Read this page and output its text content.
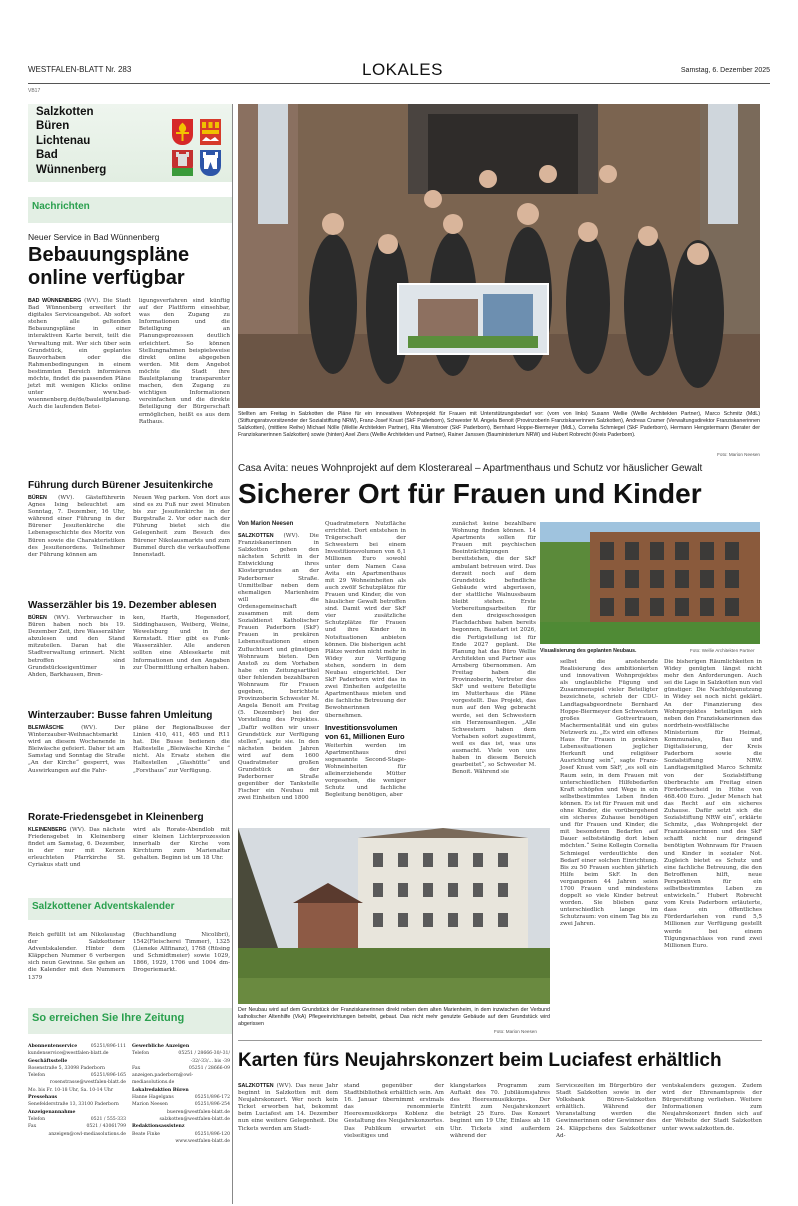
WESTFALEN-BLATT Nr. 283	LOKALES	Samstag, 6. Dezember 2025
VB17
Salzkotten
Büren
Lichtenau
Bad
Wünnenberg
Nachrichten
Neuer Service in Bad Wünnenberg
Bebauungspläne
online verfügbar
BAD WÜNNENBERG (WV). Die Stadt Bad Wünnenberg erweitert ihr digitales Serviceangebot. Ab sofort stehen alle geltenden Bebauungspläne in einer interaktiven Karte bereit, teilt die Verwaltung mit. Wer sich über sein Grundstück, ein geplantes Bauvorhaben oder die Rahmenbedingungen in einem bestimmten Bereich informieren möchte, findet die passenden Pläne jetzt mit wenigen Klicks online unter www.bad-wuennenberg.de/de/bauleitplanung. Auch die laufenden Betei-
ligungsverfahren sind künftig auf der Plattform einsehbar, was den Zugang zu Informationen und die Beteiligung an Planungsprozessen deutlich erleichtert. So können Stellungnahmen beispielsweise direkt online abgegeben werden. Mit dem Angebot möchte die Stadt ihre Bauleitplanung transparenter machen, den Zugang zu wichtigen Informationen vereinfachen und die direkte Beteiligung der Bürgerschaft ermöglichen, heißt es aus dem Rathaus.
Führung durch Bürener Jesuitenkirche
BÜREN (WV). Gästeführerin Agnes Ising beleuchtet am Sonntag, 7. Dezember, 16 Uhr, während einer Führung in der Bürener Jesuitenkirche die Lebensgeschichte des Moritz von Büren sowie die Charakteristiken des Jesuitenordens. Teilnehmer der Führung können am
Neuen Weg parken. Von dort aus sind es zu Fuß nur zwei Minuten bis zur Jesuitenkirche in der Burgstraße 2. Vor oder nach der Führung bietet sich die Gelegenheit zum Besuch des Bürener Nikolausmarkts und zum Bummel durch die verkaufsoffene Innenstadt.
Wasserzähler bis 19. Dezember ablesen
BÜREN (WV). Verbraucher in Büren haben noch bis 19. Dezember Zeit, ihre Wasserzähler abzulesen und den Stand mitzuteilen. Daran hat die Stadtverwaltung erinnert. Nicht betroffen sind Grundstückseigentümer in Ahden, Barkhausen, Bren-
ken, Harth, Hegensdorf, Siddinghausen, Weiberg, Weine, Wewelsburg und in der Kernstadt. Hier gibt es Funk-Wasserzähler. Alle anderen sollten eine Ablesekarte mit Informationen und den Angaben zur Übermittlung erhalten haben.
Winterzauber: Busse fahren Umleitung
BLEIWÄSCHE (WV). Der Winterzauber-Weihnachtsmarkt wird an diesem Wochenende in Bleiwäsche gefeiert. Daher ist am Samstag und Sonntag die Straße „An der Kirche“ gesperrt, was Auswirkungen auf die Fahr-
pläne der Regionalbusse der Linien 410, 411, 465 und R11 hat. Die Busse bedienen die Haltestelle „Bleiwäsche Kirche “ nicht. Als Ersatz stehen die Haltestellen „Glashütte“ und „Forsthaus“ zur Verfügung.
Rorate-Friedensgebet in Kleinenberg
KLEINENBERG (WV). Das nächste Friedensgebet in Kleinenberg findet am Samstag, 6. Dezember, in der nur mit Kerzen erleuchteten Pfarrkirche St. Cyriakus statt und
wird als Rorate-Abendlob mit einer kleinen Lichterprozession innerhalb der Kirche vom Kirchturm zum Marienaltar gehalten. Beginn ist um 18 Uhr.
Salzkottener Adventskalender
Reich gefüllt ist am Nikolaustag der Salzkottener Adventskalender. Hinter dem Kläppchen Nummer 6 verbergen sich neun Gewinne. Sie gehen an die Kalender mit den Nummern 1379
(Buchhandlung Nicolibri), 1542(Fleischerei Timmer), 1325 (Lieneke Allfinanz), 1768 (Rüsing und Schmidtmeier) sowie 1029, 1866, 1929, 1706 und 1004 dm-Drogeriemarkt.
So erreichen Sie Ihre Zeitung
Abonnentenservice	05251/896-111
kundenservice@westfalen-blatt.de
Geschäftsstelle
Rosenstraße 5, 33098 Paderborn
Telefon	05251/896-165
rosenstrasse@westfalen-blatt.de
Mo. bis Fr. 10-18 Uhr, Sa. 10-14 Uhr
Pressehaus
Senefelderstraße 13, 33100 Paderborn
Anzeigenannahme
Telefon	0521 / 555-333
Fax	0521 / 43061799
anzeigen@owl-mediasolutions.de
Gewerbliche Anzeigen
Telefon	05251 / 28666-30/-31/
-32/-33/... bis -39
Fax	05251 / 28666-09
anzeigen.paderborn@owl-mediasolutions.de
Lokalredaktion Büren
Hanne Hagelgans	05251/896-172
Marion Neesen	05251/896-254
bueren@westfalen-blatt.de
salzkotten@westfalen-blatt.de
Redaktionsassistenz
Beate Finke	05251/896-120
www.westfalen-blatt.de
Stellten am Freitag in Salzkotten die Pläne für ein innovatives Wohnprojekt für Frauen mit Unterstützungsbedarf vor: (vorn von links) Susann Wellie (Wellie Architekten Partner), Marco Schmitz (MdL) (Stiftungsratsvorsitzender der Sozialstiftung NRW), Franz-Josef Knust (SkF Paderborn), Schwester M. Angela Benoit (Provinzoberin Franziskanerinnen Salzkotten), Andreas Cramer (Verwaltungsdirektor Franziskanerinnen Salzkotten), (mittlere Reihe) Michael Nölle (Wellie Architekten Partner), Rita Wienstroer (SkF Paderborn), Bernhard Hoppe-Biermeyer (MdL), Cornelia Schmiegel (SkF Paderborn), Hermann Hengstermann (Berater der Franziskanerinnen Salzkotten) sowie (hinten) Axel Ziers (Wellie Architekten und Partner), Rainer Janssen (Bauministerium NRW) und Hubert Robrecht (Kreis Paderborn).
Foto: Marion Neesen
Casa Avita: neues Wohnprojekt auf dem Klosterareal – Apartmenthaus und Schutz vor häuslicher Gewalt
Sicherer Ort für Frauen und Kinder
Von Marion Neesen
SALZKOTTEN (WV). Die Franziskanerinnen in Salzkotten gehen den nächsten Schritt in der Entwicklung ihres Klostergrundes an der Paderborner Straße. Unmittelbar neben dem ehemaligen Marienheim will die Ordensgemeinschaft zusammen mit dem Sozialdienst Katholischer Frauen Paderborn (SkF) Frauen in prekären Lebenssituationen einen Zufluchtsort und günstigen Wohnraum bieten. Den Anstoß zu dem Vorhaben habe ein Zeitungsartikel über fehlenden bezahlbaren Wohnraum für Frauen gegeben, berichtete Provinzoberin Schwester M. Angela Benoit am Freitag (5. Dezember) bei der Vorstellung des Projektes. „Dafür wollten wir unser Grundstück zur Verfügung stellen“, sagte sie. In den nächsten beiden Jahren wird auf dem 1600 Quadratmeter großen Grundstück an der Paderborner Straße gegenüber der Tankstelle Fischer ein Neubau mit zwei Einheiten und 1800
Quadratmetern Nutzfläche errichtet. Dort entstehen in Trägerschaft der Schwestern bei einem Investitionsvolumen von 6,1 Millionen Euro sowohl unter dem Namen Casa Avita ein Apartmenthaus mit 29 Wohneinheiten als auch zwölf Schutzplätze für Frauen und Kinder, die von häuslicher Gewalt betroffen sind. Damit wird der SkF vier zusätzliche Schutzplätze für Frauen und ihre Kinder in Notsituationen anbieten können. Die bisherigen acht Plätze werden nicht mehr in Widey zur Verfügung stehen, sondern in dem Neubau eingerichtet. Der SkF Paderborn wird das in zwei Einheiten aufgeteilte Apartmenthaus mieten und die fachliche Betreuung der Bewohnerinnen übernehmen.
Investitionsvolumen von 61, Millionen Euro
Weiterhin werden im Apartmenthaus drei sogenannte Second-Stage-Wohneinheiten für alleinerziehende Mütter vorgesehen, die weniger Schutz und fachliche Begleitung benötigen, aber
zunächst keine bezahlbare Wohnung finden können. 14 Apartments sollen für Frauen mit psychischen Beeinträchtigungen bereitstehen, die der SkF ambulant betreuen wird. Das derzeit noch auf dem Grundstück befindliche Gebäude wird abgerissen, der stattliche Walnussbaum bleibt stehen. Erste Vorbereitungsarbeiten für den dreigeschossigen Flachdachbau haben bereits begonnen, Baustart ist 2026, die Fertigstellung ist für Ende 2027 geplant. Die Planung hat das Büro Wellie Architekten und Partner aus Arnsberg übernommen. Am Freitag haben die Provinzoberin, Vertreter des SkF und weitere Beteiligte im Mutterhaus die Pläne vorgestellt. Das Projekt, das nun auf den Weg gebracht werde, sei den Schwestern ein Herzensanliegen. „Alle Schwestern haben dem Vorhaben sofort zugestimmt, weil es das ist, was uns ausmacht. Viele von uns haben in diesem Bereich gearbeitet“, so Schwester M. Benoit. Während sie
Visualisierung des geplanten Neubaus.	Foto: Wellie Architekten Partner
selbst die anstehende Realisierung des ambitionierten und innovativen Wohnprojektes als unglaubliche Fügung und Zusammenspiel vieler Beteiligter bezeichnete, schrieb der CDU-Landtagsabgeordnete Bernhard Hoppe-Biermeyer den Schwestern großes Gottvertrauen, Machermentalität und ein gutes Netzwerk zu. „Es wird ein offenes Haus für Frauen in prekären Lebenssituationen jeglicher Herkunft und religiöser Ausrichtung sein“, sagte Franz-Josef Knust vom SkF, „es soll ein Raum sein, in dem Frauen mit unterschiedlichen Hilfebedarfen Kraft schöpfen und Wege in ein selbstbestimmtes Leben finden können. Es ist für Frauen mit und ohne Kinder, die vorübergehend ein sicheres Zuhause benötigen und für Frauen und Kinder, die mit besonderen Bedarfen auf Dauer selbstständig dort leben möchten.“ Seine Kollegin Cornelia Schmiegel verdeutlichte den Bedarf einer solchen Einrichtung. Bis zu 50 Frauen suchten jährlich Hilfe beim SkF. In den vergangenen 44 Jahren seien 1700 Frauen und mindestens doppelt so viele Kinder betreut worden. Sie blieben ganz unterschiedlich lange im Schutzraum: von einem Tag bis zu zwei Jahren.
Die bisherigen Räumlichkeiten in Widey genügten längst nicht mehr den Anforderungen. Auch sei die Lage in Salzkotten nun viel günstiger. Die Nachfolgenutzung in Widey sei noch nicht geklärt. An der Finanzierung des Wohnprojektes beteiligen sich neben den Franziskanerinnen das nordrhein-westfälische Ministerium für Heimat, Kommunales, Bau und Digitalisierung, der Kreis Paderborn sowie die Sozialstiftung NRW. Landtagsmitglied Marco Schmitz von der Sozialstiftung überbrachte am Freitag einen Förderbescheid in Höhe von 468.400 Euro. „Jeder Mensch hat das Recht auf ein sicheres Zuhause. Dafür setzt sich die Sozialstiftung NRW ein“, erklärte Schmitz, „das Wohnprojekt der Franziskanerinnen und des SkF schafft nicht nur dringend benötigten Wohnraum für Frauen und Kinder in sozialer Not. Zugleich bietet es Schutz und eine fachliche Betreuung, die den Betroffenen hilft, neue Perspektiven für ein selbstbestimmtes Leben zu entwickeln.“ Hubert Robrecht vom Kreis Paderborn erläuterte, dass ein öffentliches Förderdarlehen von rund 5,5 Millionen zur Verfügung gestellt werde bei einem Tilgungsnachlass von rund zwei Millionen Euro.
Der Neubau wird auf dem Grundstück der Franziskanerinnen direkt neben dem alten Marienheim, in dem inzwischen der Verbund katholischer Altenhilfe (VkA) Pflegeeinrichtungen betreibt, gebaut. Das nicht mehr genutzte Gebäude auf dem Grundstück wird abgerissen
Foto: Marion Neesen
Karten fürs Neujahrskonzert beim Luciafest erhältlich
SALZKOTTEN (WV). Das neue Jahr beginnt in Salzkotten mit dem Neujahrskonzert. Wer noch kein Ticket erworben hat, bekommt beim Luciafest am 14. Dezember nun eine weitere Gelegenheit. Die Tickets werden am Stadt-
stand gegenüber der Stadtbibliothek erhältlich sein. Am 16. Januar übernimmt erstmals das renommierte Heeresmusikkorps Koblenz die Gestaltung des Neujahrskonzertes. Das Publikum erwartet ein vielseitiges und
klangstarkes Programm zum Auftakt des 70. Jubiläumsjahres des Heeresmusikkorps. Der Eintritt zum Neujahrskonzert beträgt 25 Euro. Das Konzert beginnt um 19 Uhr, Einlass ab 18 Uhr. Tickets sind außerdem während der
Servicezeiten im Bürgerbüro der Stadt Salzkotten sowie in der Volksbank Büren-Salzkotten erhältlich. Während der Veranstaltung werden die Gewinnerinnen oder Gewinner des 24. Kläppchens des Salzkottener Ad-
ventskalenders gezogen. Zudem wird der Ehrenamtspreis der Bürgerstiftung verliehen. Weitere Informationen zum Neujahrskonzert finden sich auf der Website der Stadt Salzkotten unter www.salzkotten.de.
